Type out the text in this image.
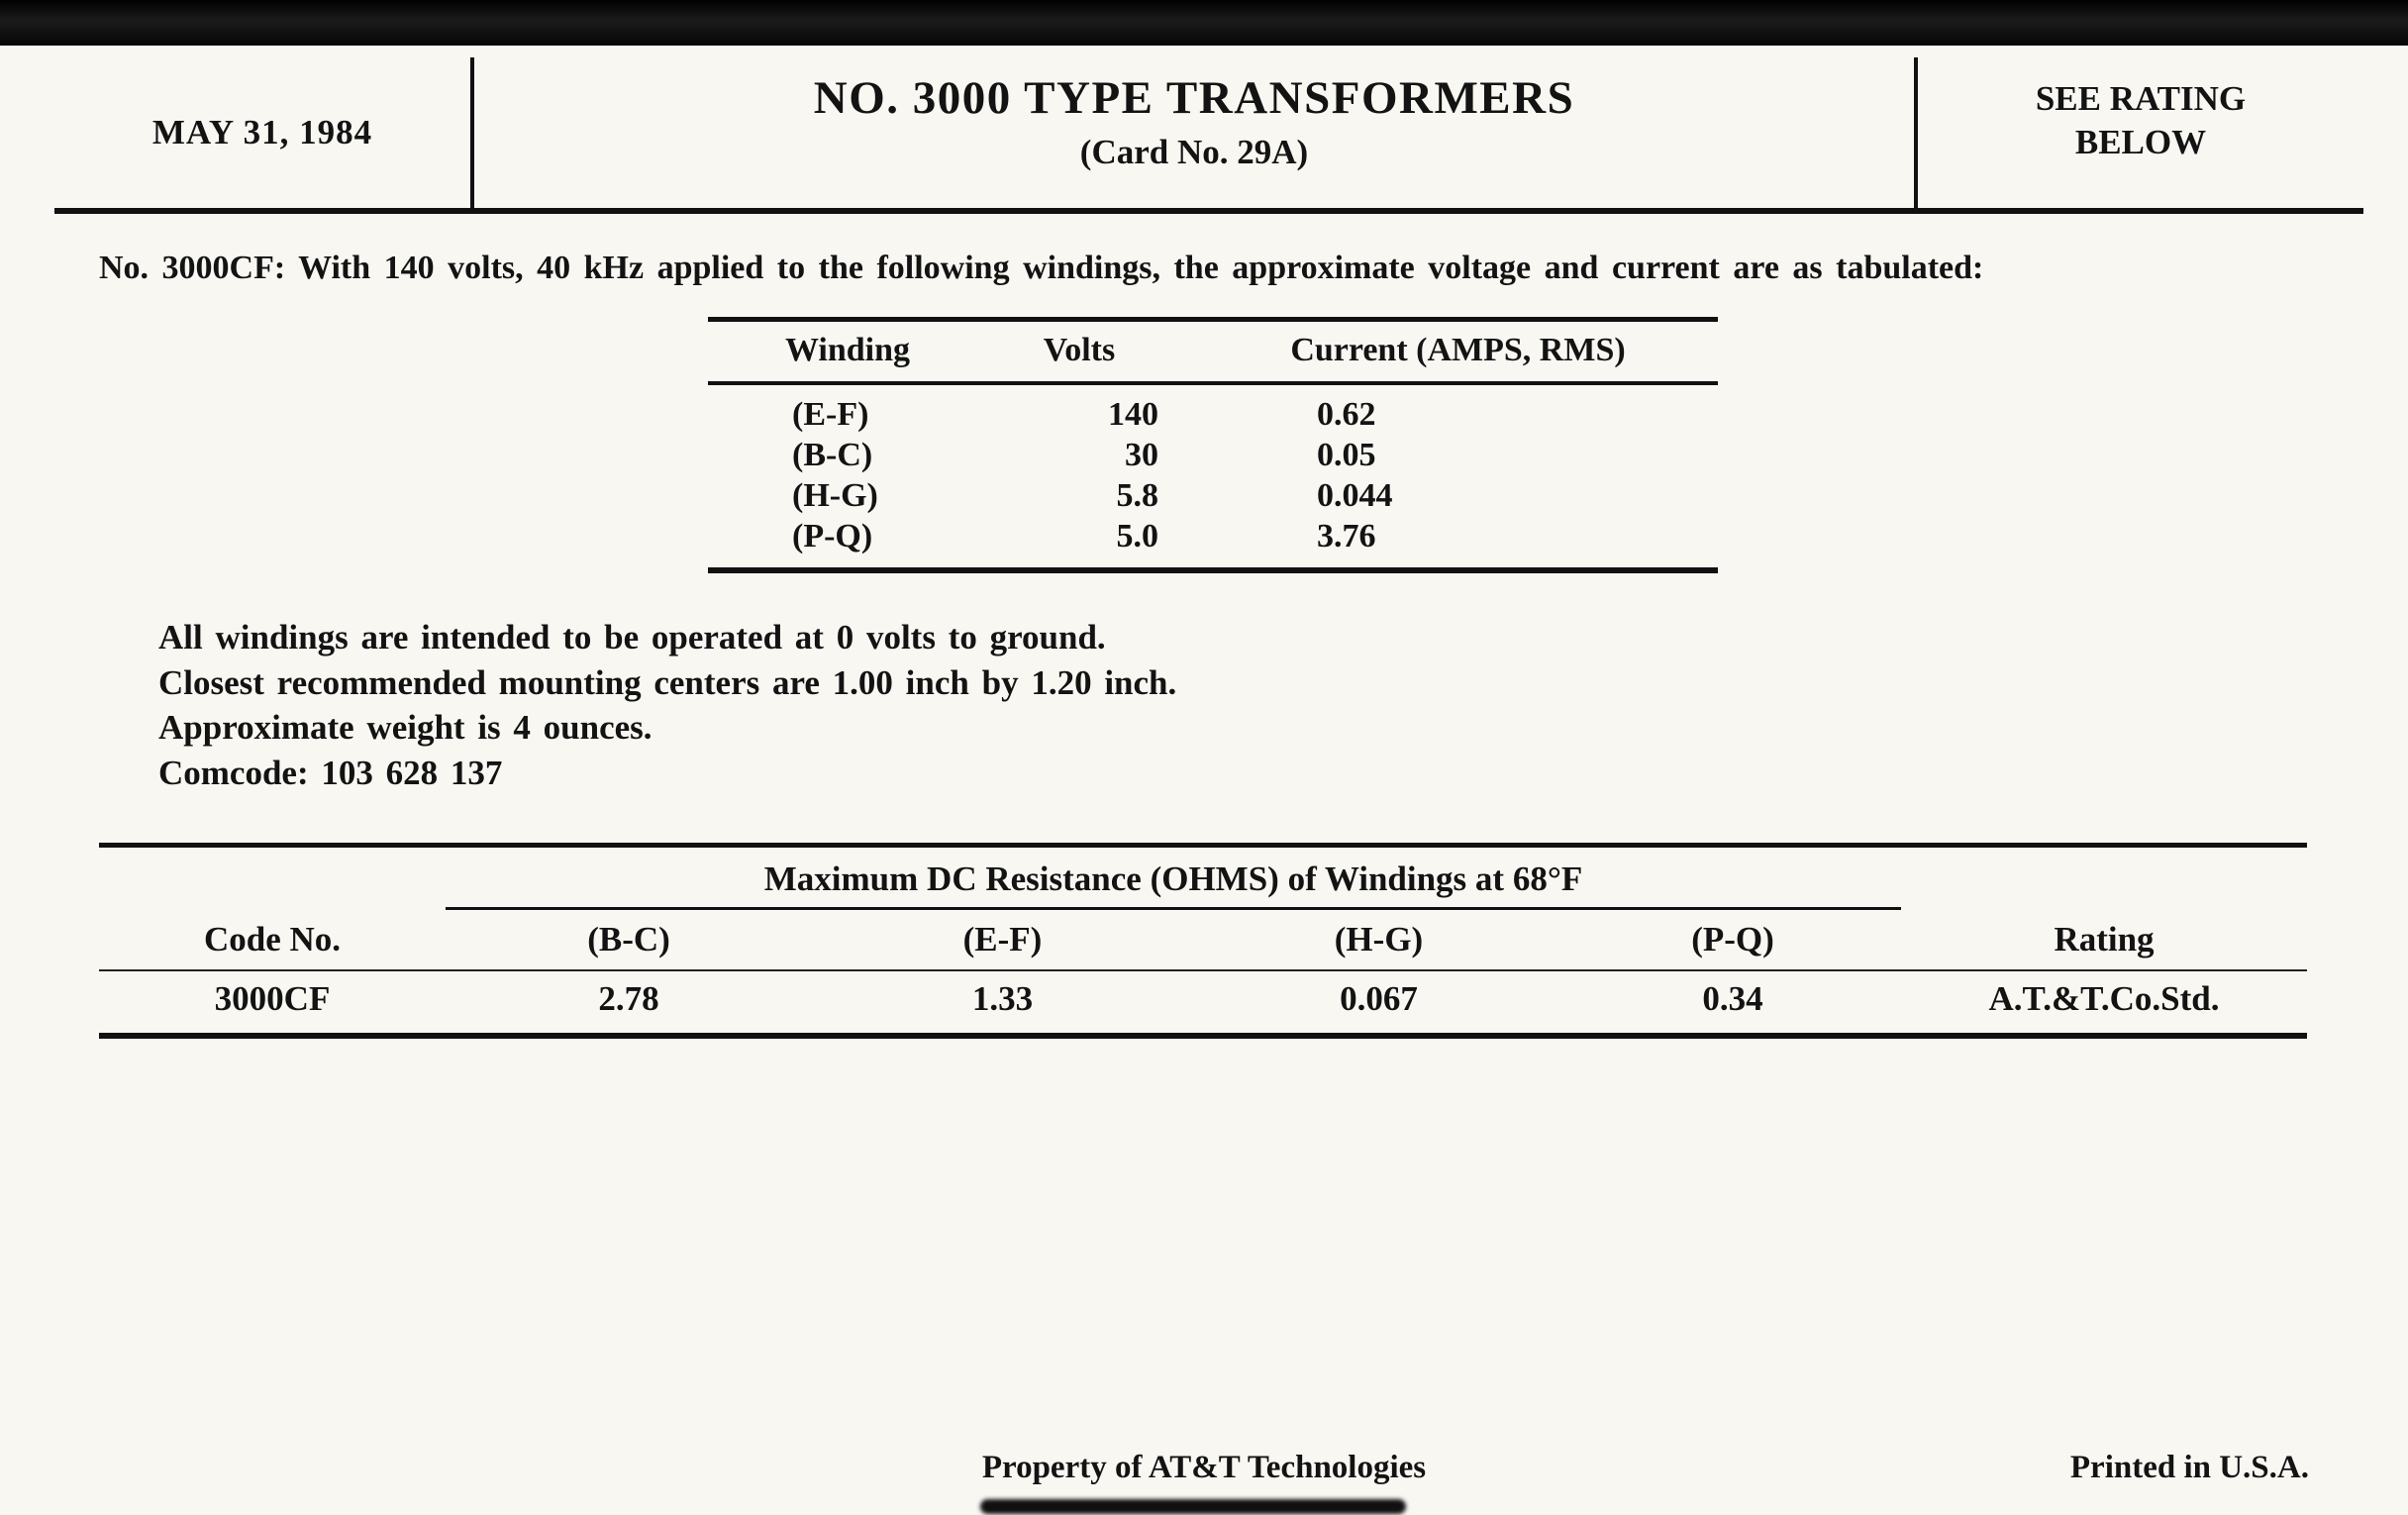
MAY 31, 1984
NO. 3000 TYPE TRANSFORMERS
(Card No. 29A)
SEE RATING
BELOW
No. 3000CF: With 140 volts, 40 kHz applied to the following windings, the approximate voltage and current are as tabulated:
Winding	Volts	Current (AMPS, RMS)
(E-F)	140	0.62
(B-C)	30	0.05
(H-G)	5.8	0.044
(P-Q)	5.0	3.76
All windings are intended to be operated at 0 volts to ground.
Closest recommended mounting centers are 1.00 inch by 1.20 inch.
Approximate weight is 4 ounces.
Comcode: 103 628 137
	Maximum DC Resistance (OHMS) of Windings at 68°F				
Code No.	(B-C)	(E-F)	(H-G)	(P-Q)	Rating
3000CF	2.78	1.33	0.067	0.34	A.T.&T.Co.Std.
Property of AT&T Technologies	Printed in U.S.A.
